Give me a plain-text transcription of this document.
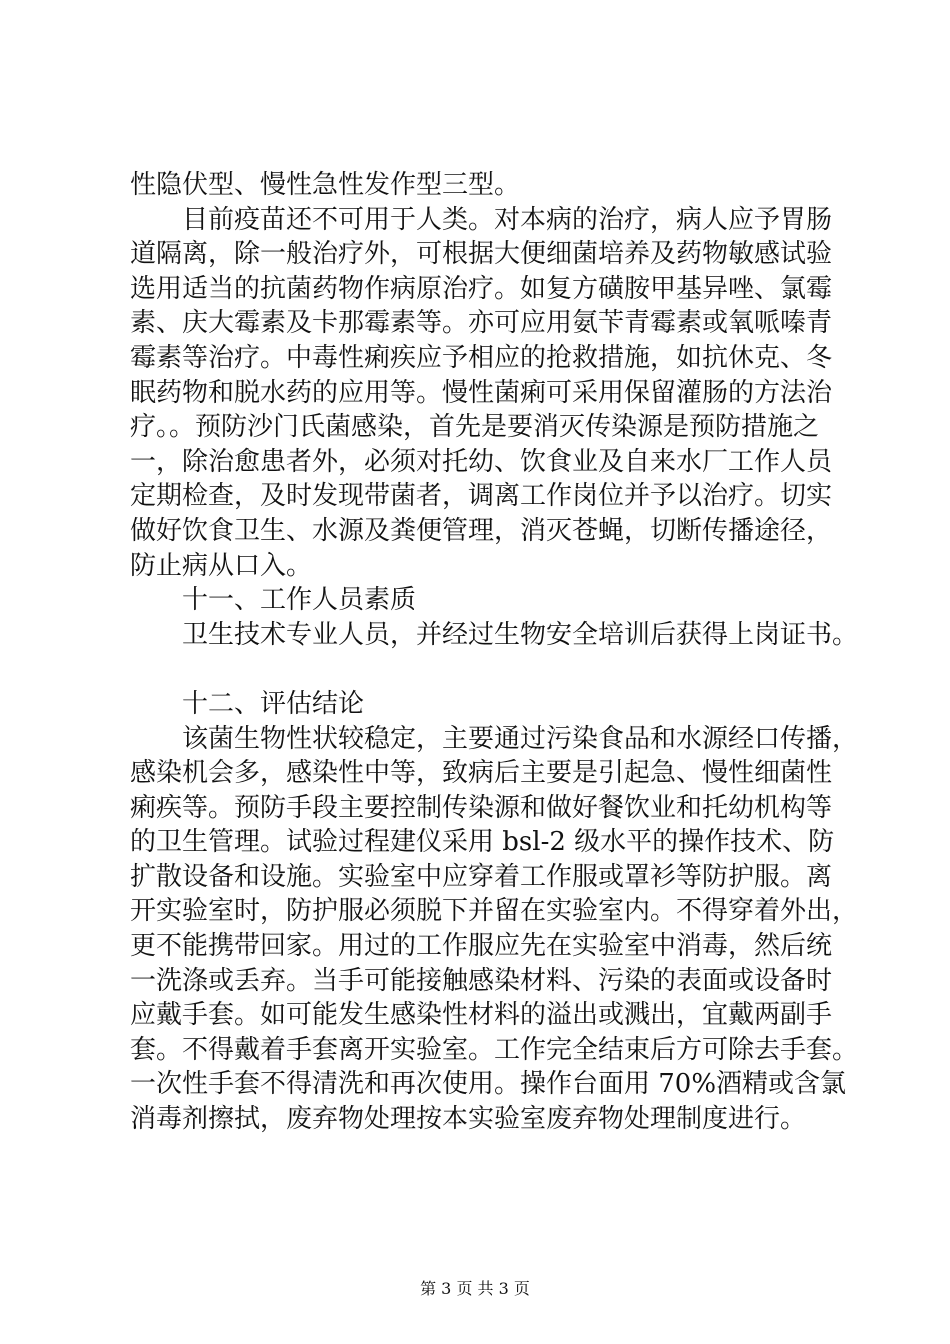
性隐伏型、慢性急性发作型三型。
目前疫苗还不可用于人类。对本病的治疗，病人应予胃肠
道隔离，除一般治疗外，可根据大便细菌培养及药物敏感试验
选用适当的抗菌药物作病原治疗。如复方磺胺甲基异唑、氯霉
素、庆大霉素及卡那霉素等。亦可应用氨苄青霉素或氧哌嗪青
霉素等治疗。中毒性痢疾应予相应的抢救措施，如抗休克、冬
眠药物和脱水药的应用等。慢性菌痢可采用保留灌肠的方法治
疗。。预防沙门氏菌感染，首先是要消灭传染源是预防措施之
一，除治愈患者外，必须对托幼、饮食业及自来水厂工作人员
定期检查，及时发现带菌者，调离工作岗位并予以治疗。切实
做好饮食卫生、水源及粪便管理，消灭苍蝇，切断传播途径，
防止病从口入。
十一、工作人员素质
卫生技术专业人员，并经过生物安全培训后获得上岗证书。
十二、评估结论
该菌生物性状较稳定，主要通过污染食品和水源经口传播，
感染机会多，感染性中等，致病后主要是引起急、慢性细菌性
痢疾等。预防手段主要控制传染源和做好餐饮业和托幼机构等
的卫生管理。试验过程建仪采用 bsl-2 级水平的操作技术、防
扩散设备和设施。实验室中应穿着工作服或罩衫等防护服。离
开实验室时，防护服必须脱下并留在实验室内。不得穿着外出，
更不能携带回家。用过的工作服应先在实验室中消毒，然后统
一洗涤或丢弃。当手可能接触感染材料、污染的表面或设备时
应戴手套。如可能发生感染性材料的溢出或溅出，宜戴两副手
套。不得戴着手套离开实验室。工作完全结束后方可除去手套。
一次性手套不得清洗和再次使用。操作台面用 70%酒精或含氯
消毒剂擦拭，废弃物处理按本实验室废弃物处理制度进行。
第 3 页 共 3 页
